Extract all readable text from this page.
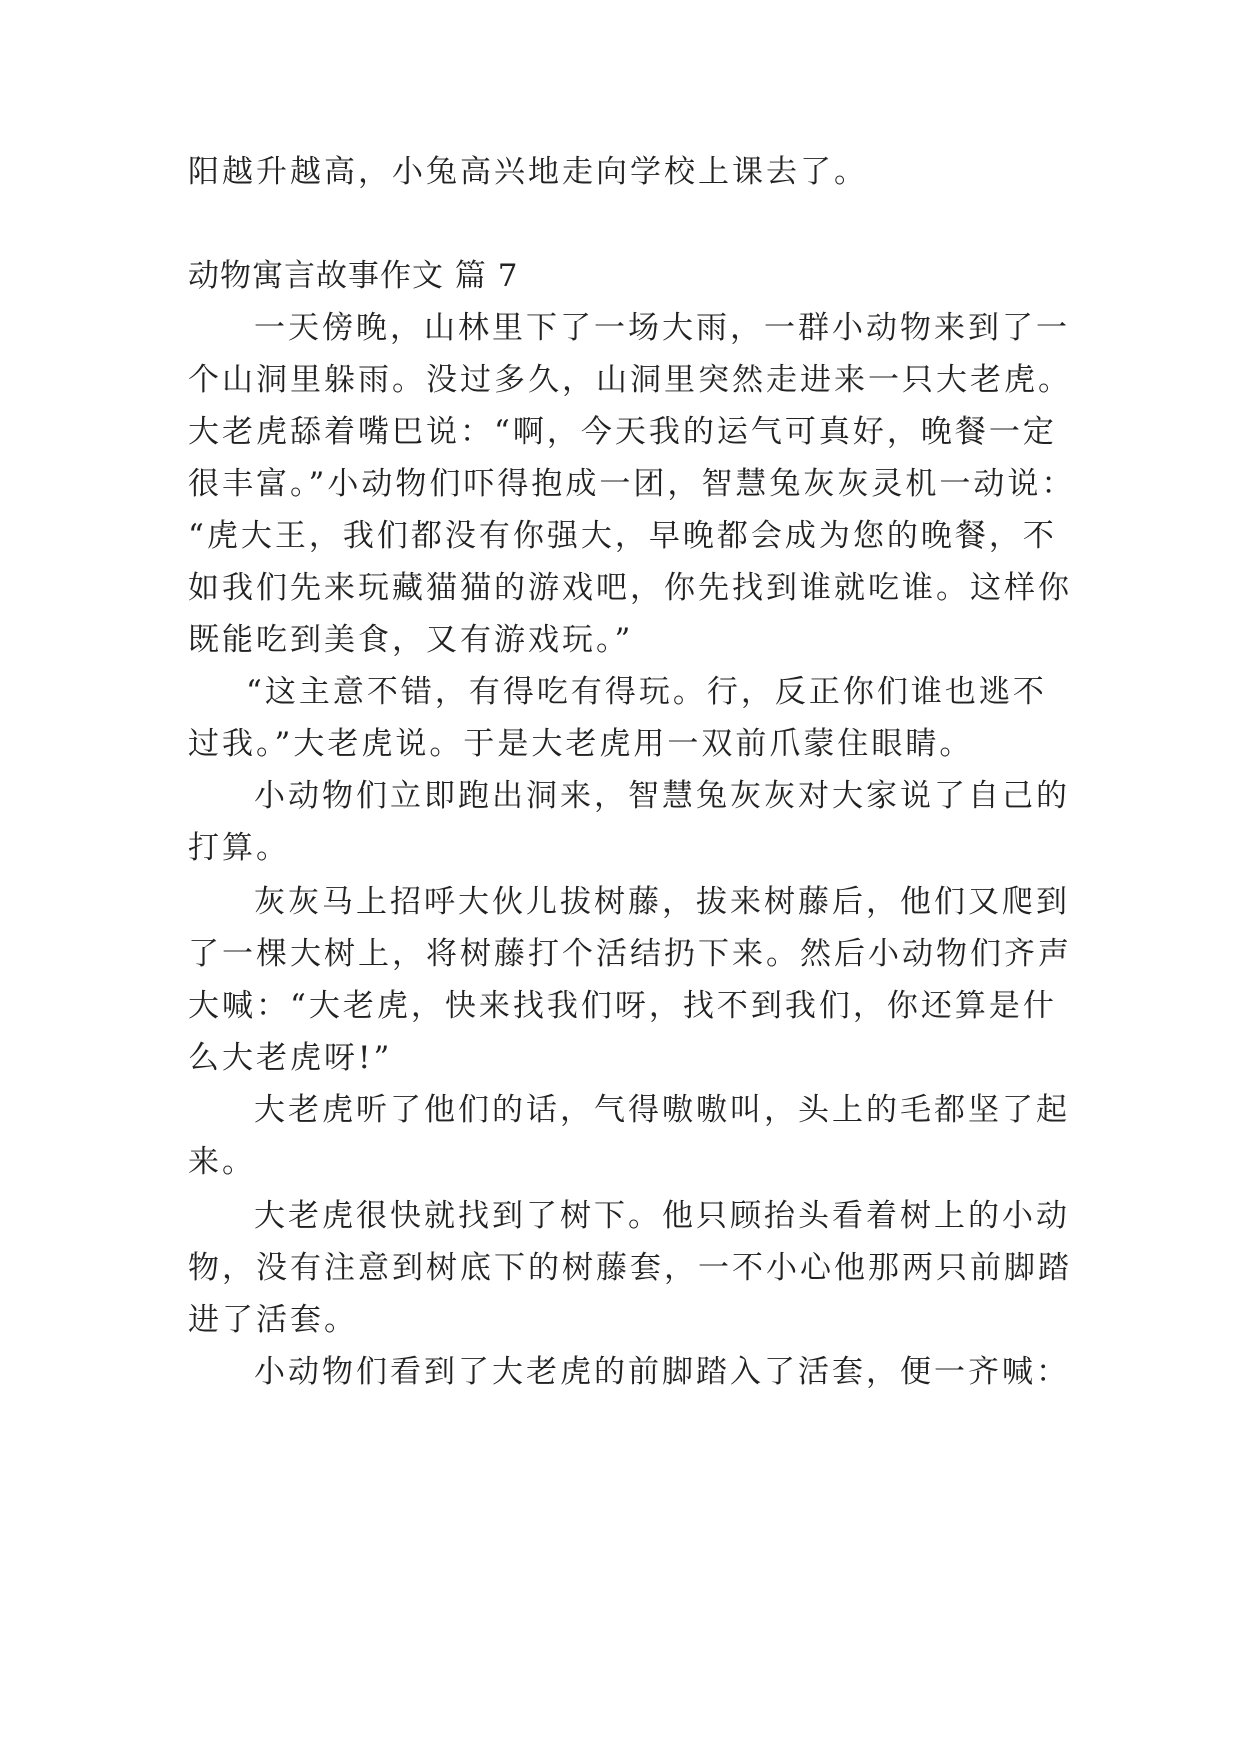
阳越升越高，小兔高兴地走向学校上课去了。
动物寓言故事作文 篇 7
一天傍晚，山林里下了一场大雨，一群小动物来到了一
个山洞里躲雨。没过多久，山洞里突然走进来一只大老虎。
大老虎舔着嘴巴说：“啊，今天我的运气可真好，晚餐一定
很丰富。”小动物们吓得抱成一团，智慧兔灰灰灵机一动说：
“虎大王，我们都没有你强大，早晚都会成为您的晚餐，不
如我们先来玩藏猫猫的游戏吧，你先找到谁就吃谁。这样你
既能吃到美食，又有游戏玩。”
“这主意不错，有得吃有得玩。行，反正你们谁也逃不
过我。”大老虎说。于是大老虎用一双前爪蒙住眼睛。
小动物们立即跑出洞来，智慧兔灰灰对大家说了自己的
打算。
灰灰马上招呼大伙儿拔树藤，拔来树藤后，他们又爬到
了一棵大树上，将树藤打个活结扔下来。然后小动物们齐声
大喊：“大老虎，快来找我们呀，找不到我们，你还算是什
么大老虎呀!”
大老虎听了他们的话，气得嗷嗷叫，头上的毛都坚了起
来。
大老虎很快就找到了树下。他只顾抬头看着树上的小动
物，没有注意到树底下的树藤套，一不小心他那两只前脚踏
进了活套。
小动物们看到了大老虎的前脚踏入了活套，便一齐喊：
